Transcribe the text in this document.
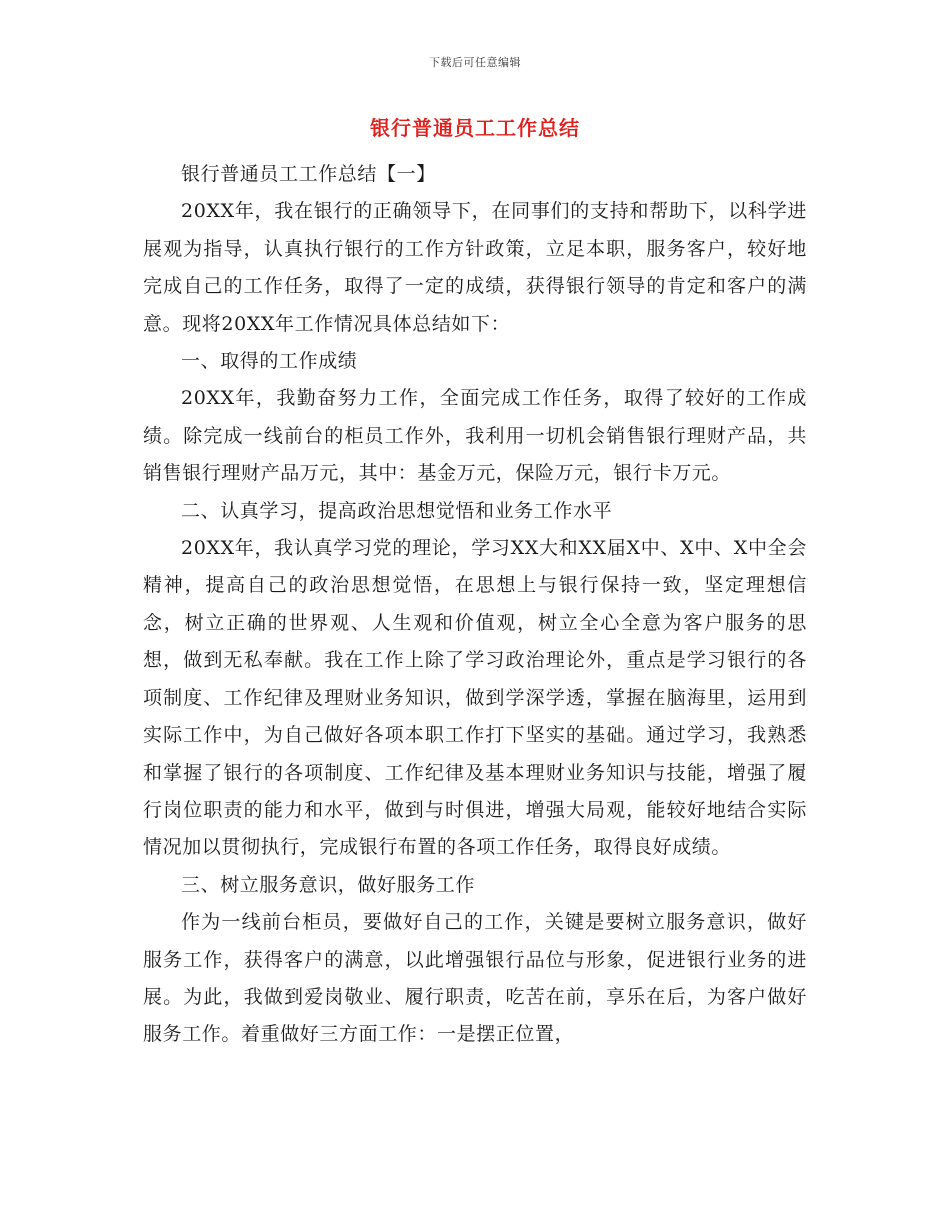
下载后可任意编辑
银行普通员工工作总结

银行普通员工工作总结【一】

20XX年，我在银行的正确领导下，在同事们的支持和帮助下，以科学进展观为指导，认真执行银行的工作方针政策，立足本职，服务客户，较好地完成自己的工作任务，取得了一定的成绩，获得银行领导的肯定和客户的满意。现将20XX年工作情况具体总结如下：

一、取得的工作成绩

20XX年，我勤奋努力工作，全面完成工作任务，取得了较好的工作成绩。除完成一线前台的柜员工作外，我利用一切机会销售银行理财产品，共销售银行理财产品万元，其中：基金万元，保险万元，银行卡万元。

二、认真学习，提高政治思想觉悟和业务工作水平

20XX年，我认真学习党的理论，学习XX大和XX届X中、X中、X中全会精神，提高自己的政治思想觉悟，在思想上与银行保持一致，坚定理想信念，树立正确的世界观、人生观和价值观，树立全心全意为客户服务的思想，做到无私奉献。我在工作上除了学习政治理论外，重点是学习银行的各项制度、工作纪律及理财业务知识，做到学深学透，掌握在脑海里，运用到实际工作中，为自己做好各项本职工作打下坚实的基础。通过学习，我熟悉和掌握了银行的各项制度、工作纪律及基本理财业务知识与技能，增强了履行岗位职责的能力和水平，做到与时俱进，增强大局观，能较好地结合实际情况加以贯彻执行，完成银行布置的各项工作任务，取得良好成绩。

三、树立服务意识，做好服务工作

作为一线前台柜员，要做好自己的工作，关键是要树立服务意识，做好服务工作，获得客户的满意，以此增强银行品位与形象，促进银行业务的进展。为此，我做到爱岗敬业、履行职责，吃苦在前，享乐在后，为客户做好服务工作。着重做好三方面工作：一是摆正位置，
